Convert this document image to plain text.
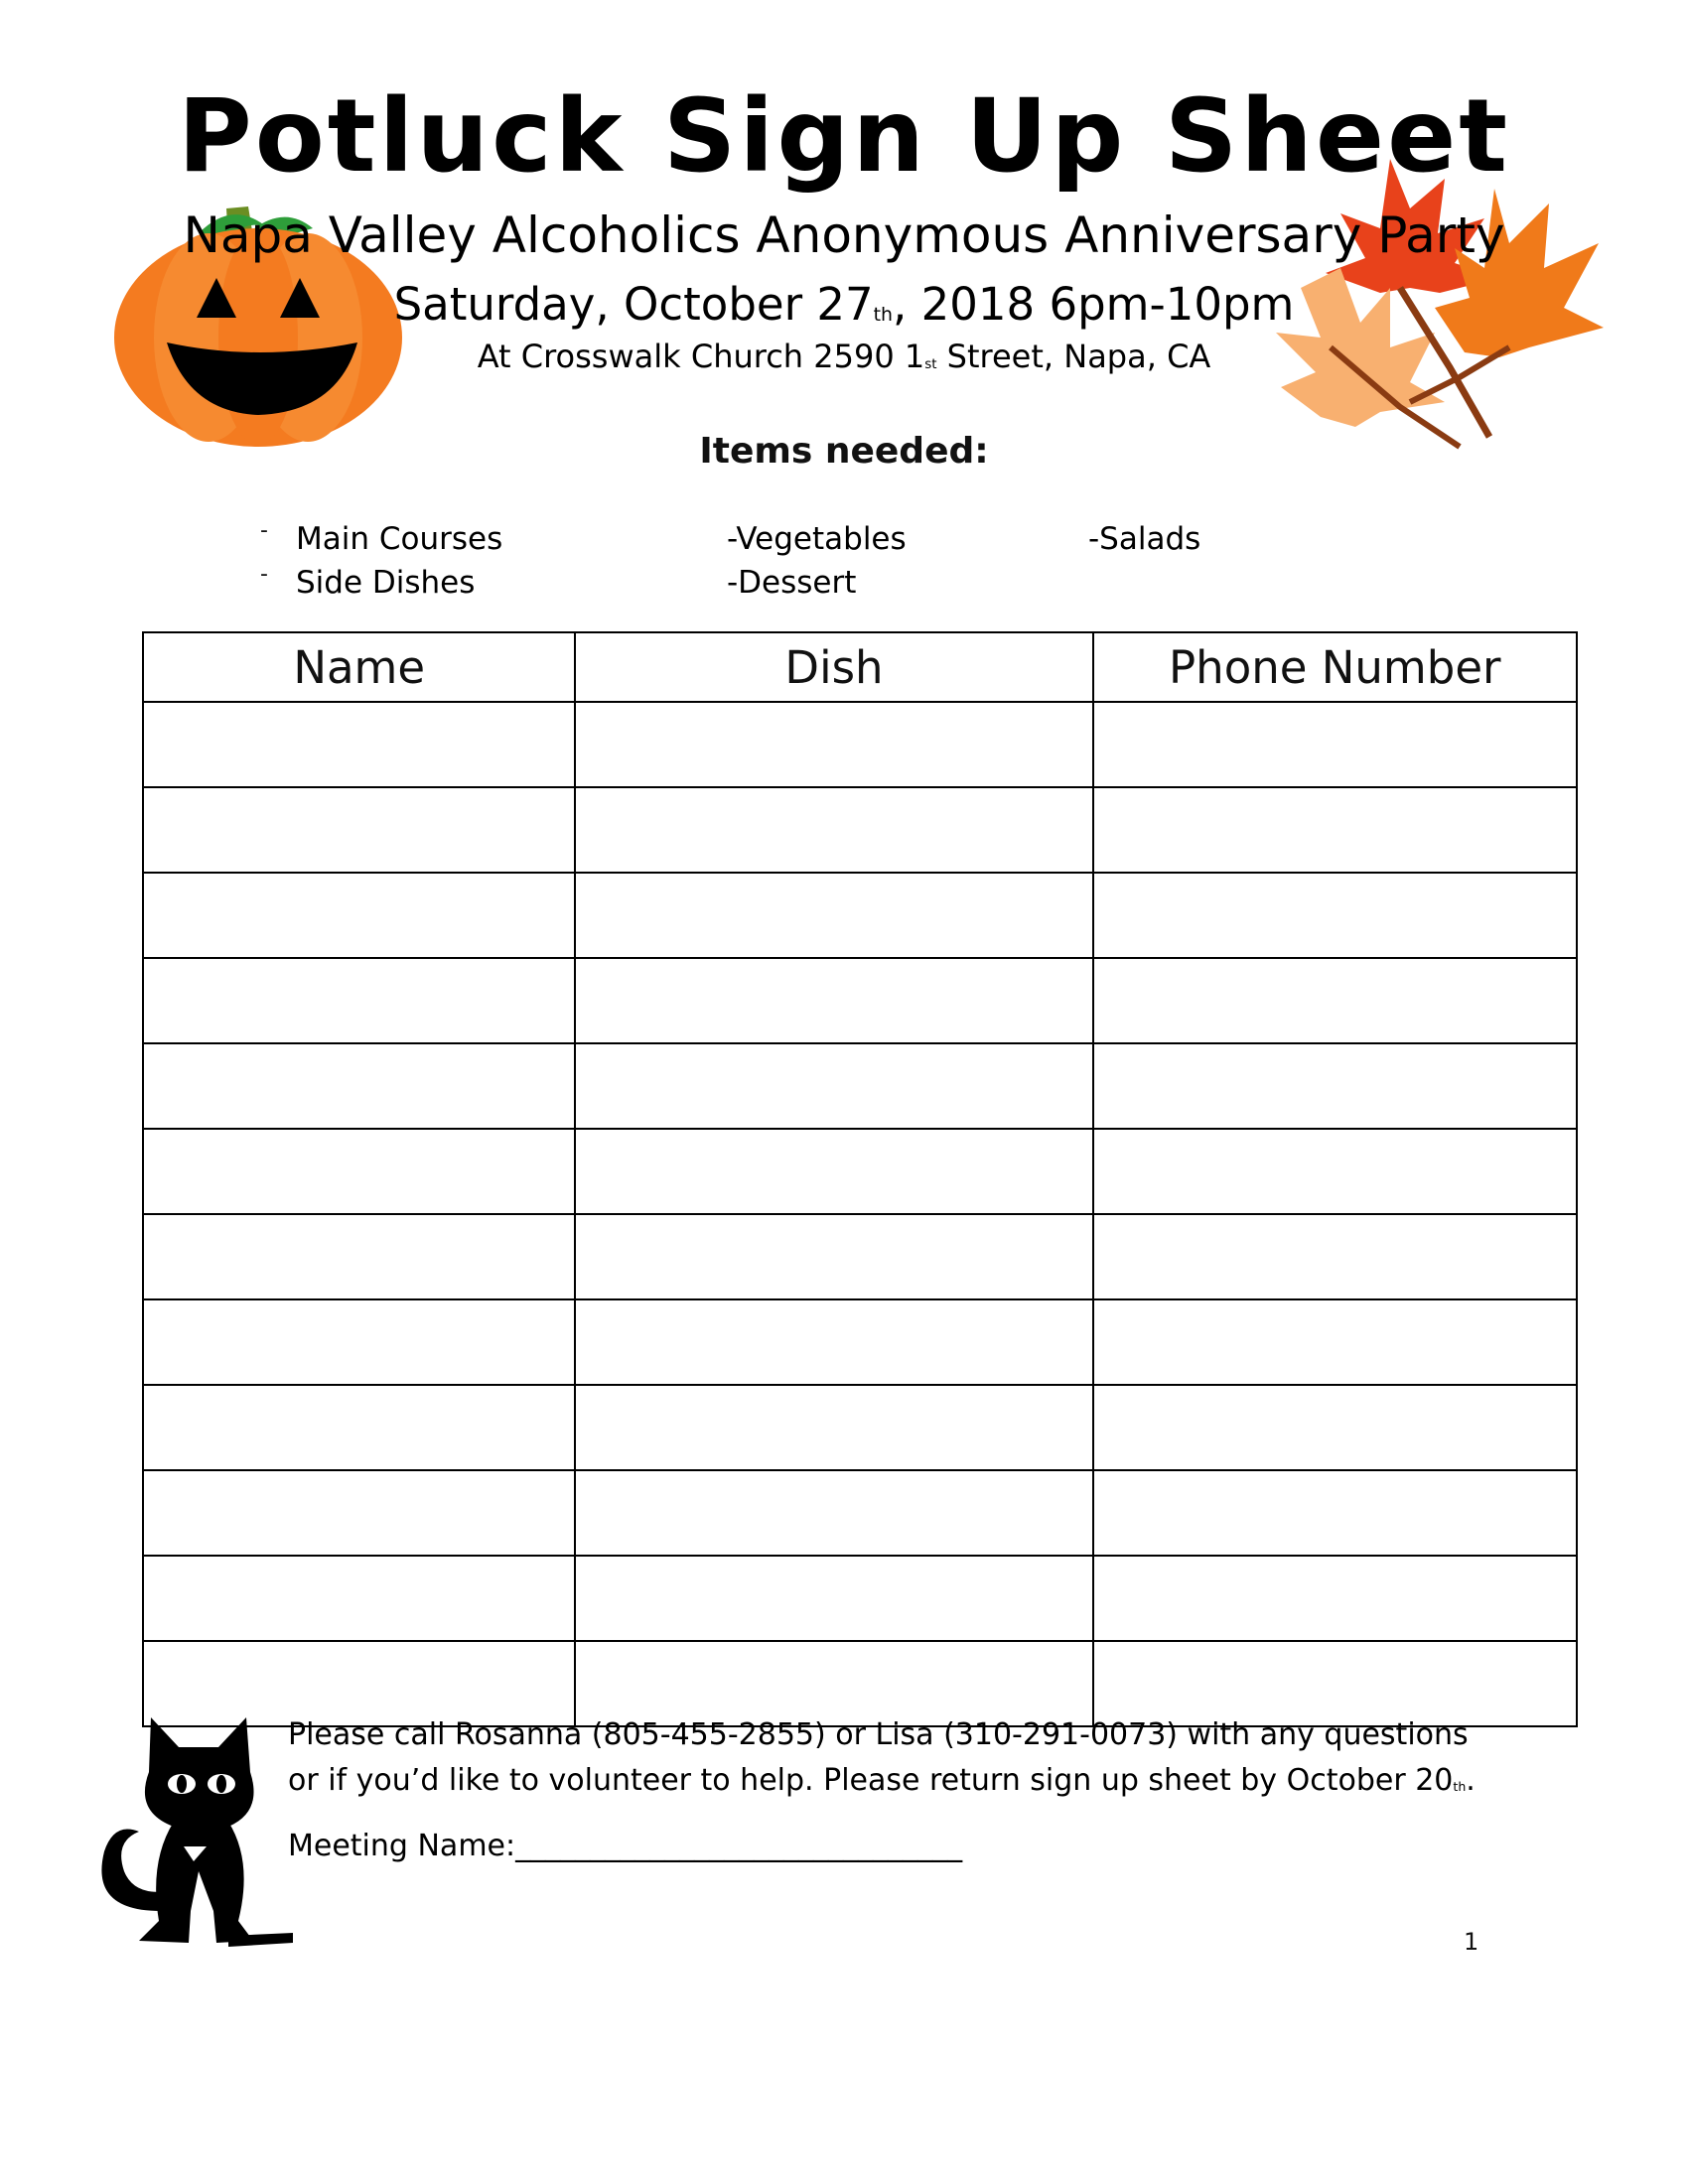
Potluck Sign Up Sheet
Napa Valley Alcoholics Anonymous Anniversary Party
Saturday, October 27th, 2018 6pm-10pm
At Crosswalk Church 2590 1st Street, Napa, CA
Items needed:
- Main Courses
- Side Dishes
-Vegetables
-Dessert
-Salads
Name	Dish	Phone Number

Please call Rosanna (805-455-2855) or Lisa (310-291-0073) with any questions
or if you’d like to volunteer to help. Please return sign up sheet by October 20th.
Meeting Name:______________________________
1
